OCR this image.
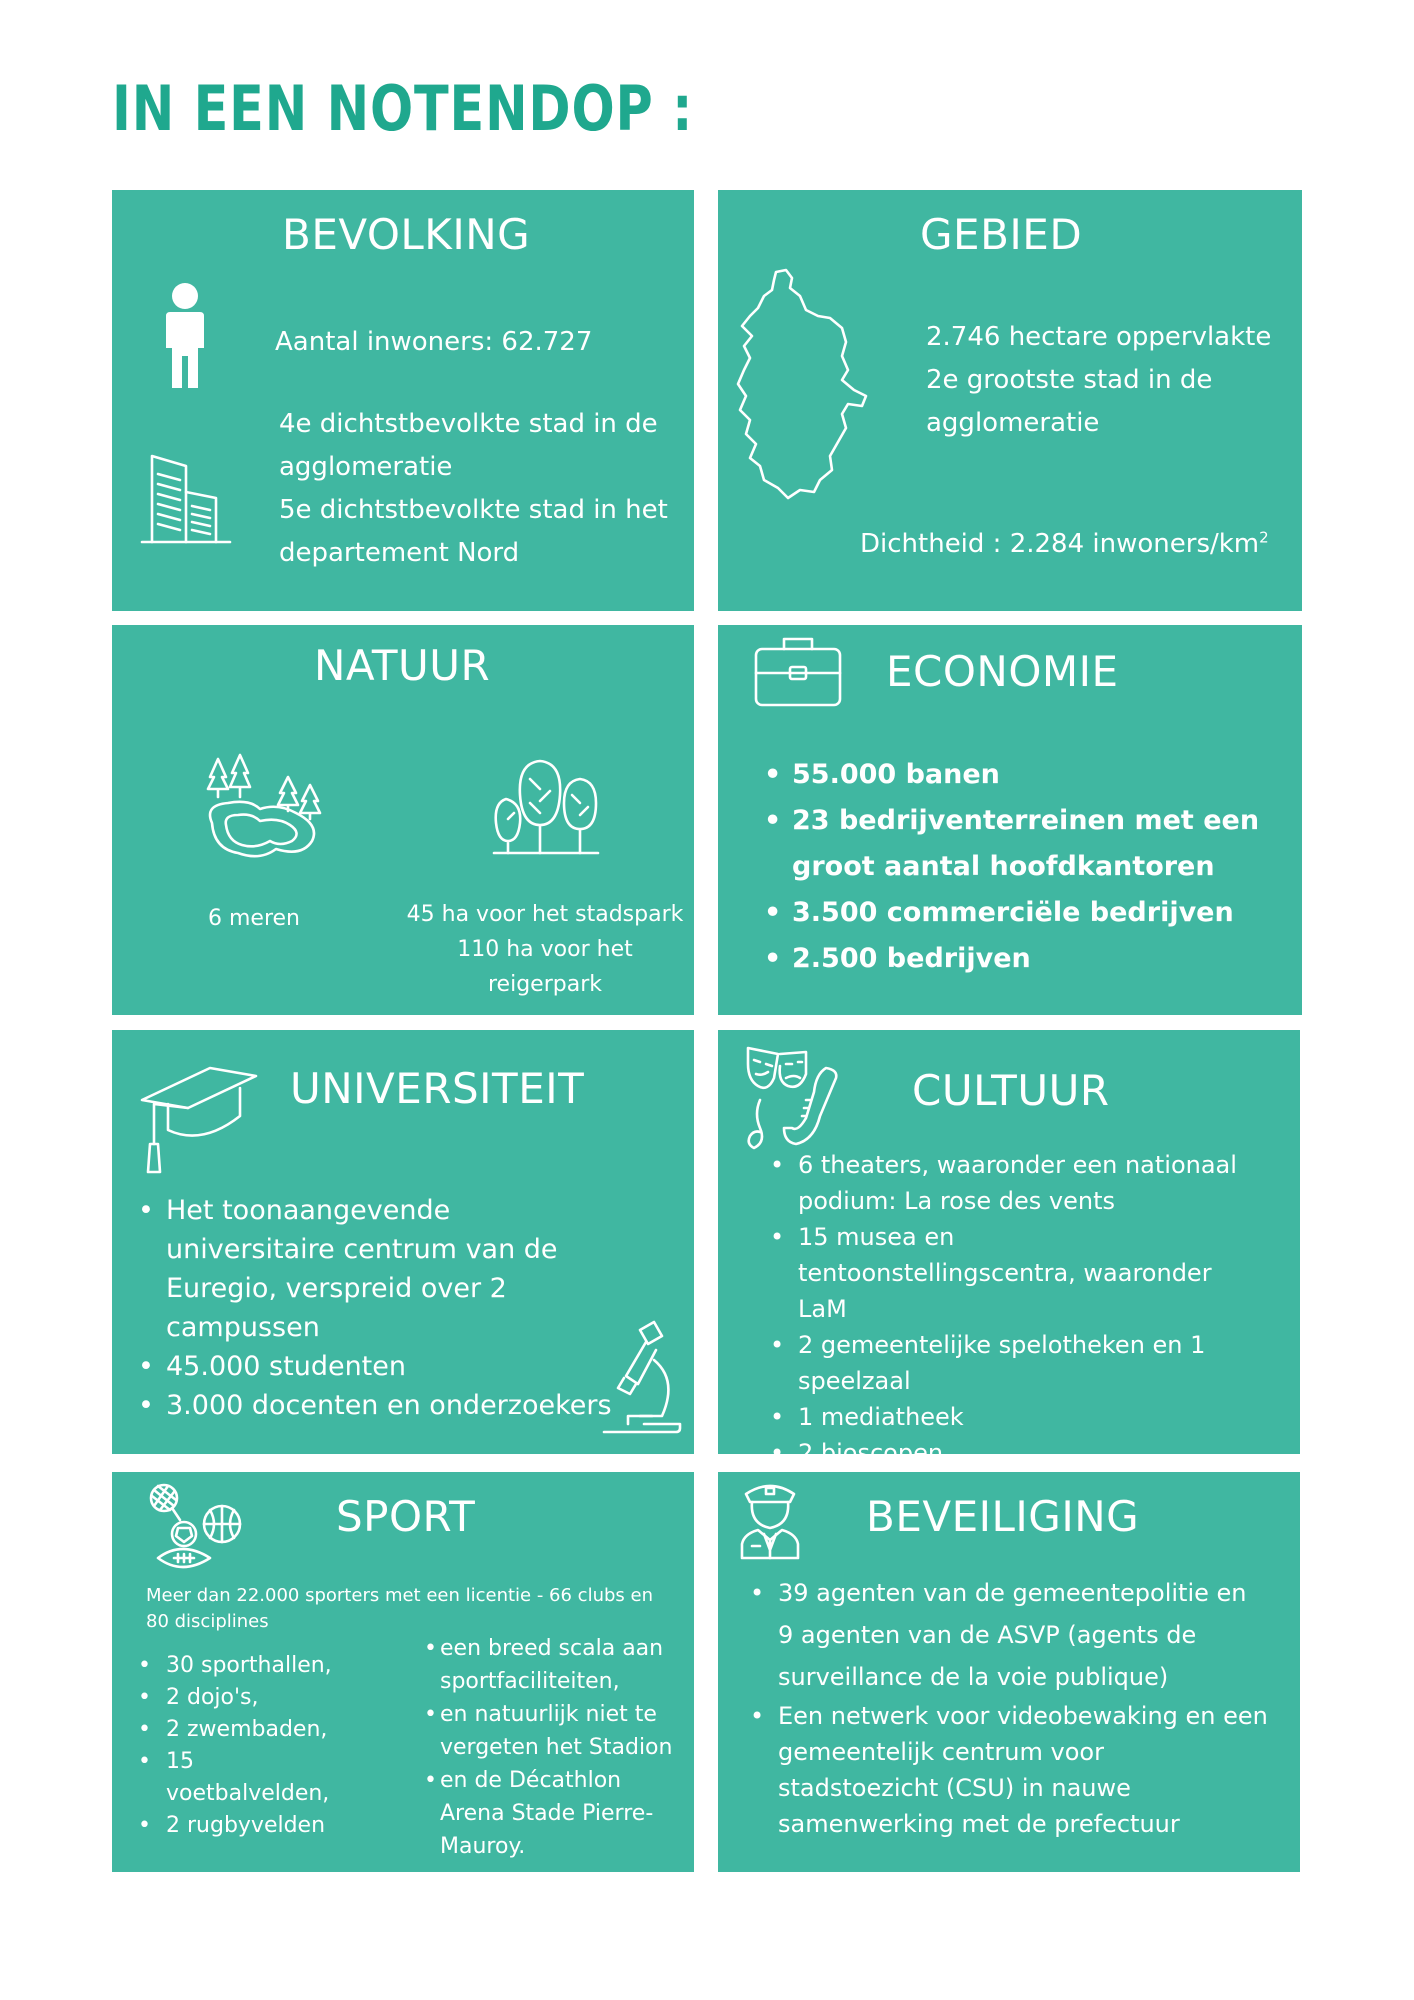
IN EEN NOTENDOP :
BEVOLKING
Aantal inwoners: 62.727
4e dichtstbevolkte stad in de
agglomeratie
5e dichtstbevolkte stad in het
departement Nord
GEBIED
2.746 hectare oppervlakte
2e grootste stad in de
agglomeratie
Dichtheid : 2.284 inwoners/$km^2$
NATUUR
6 meren	45 ha voor het stadspark
110 ha voor het reigerpark
ECONOMIE
• 55.000 banen
• 23 bedrijventerreinen met een groot aantal hoofdkantoren
• 3.500 commerciële bedrijven
• 2.500 bedrijven
UNIVERSITEIT
• Het toonaangevende universitaire centrum van de Euregio, verspreid over 2 campussen
• 45.000 studenten
• 3.000 docenten en onderzoekers
CULTUUR
• 6 theaters, waaronder een nationaal podium: La rose des vents
• 15 musea en tentoonstellingscentra, waaronder LaM
• 2 gemeentelijke spelotheken en 1 speelzaal
• 1 mediatheek
• 2 bioscopen
SPORT
Meer dan 22.000 sporters met een licentie - 66 clubs en 80 disciplines
• 30 sporthallen,
• 2 dojo's,
• 2 zwembaden,
• 15 voetbalvelden,
• 2 rugbyvelden
• een breed scala aan sportfaciliteiten,
• en natuurlijk niet te vergeten het Stadion
• en de Décathlon Arena Stade Pierre-Mauroy.
BEVEILIGING
• 39 agenten van de gemeentepolitie en 9 agenten van de ASVP (agents de surveillance de la voie publique)
• Een netwerk voor videobewaking en een gemeentelijk centrum voor stadstoezicht (CSU) in nauwe samenwerking met de prefectuur
